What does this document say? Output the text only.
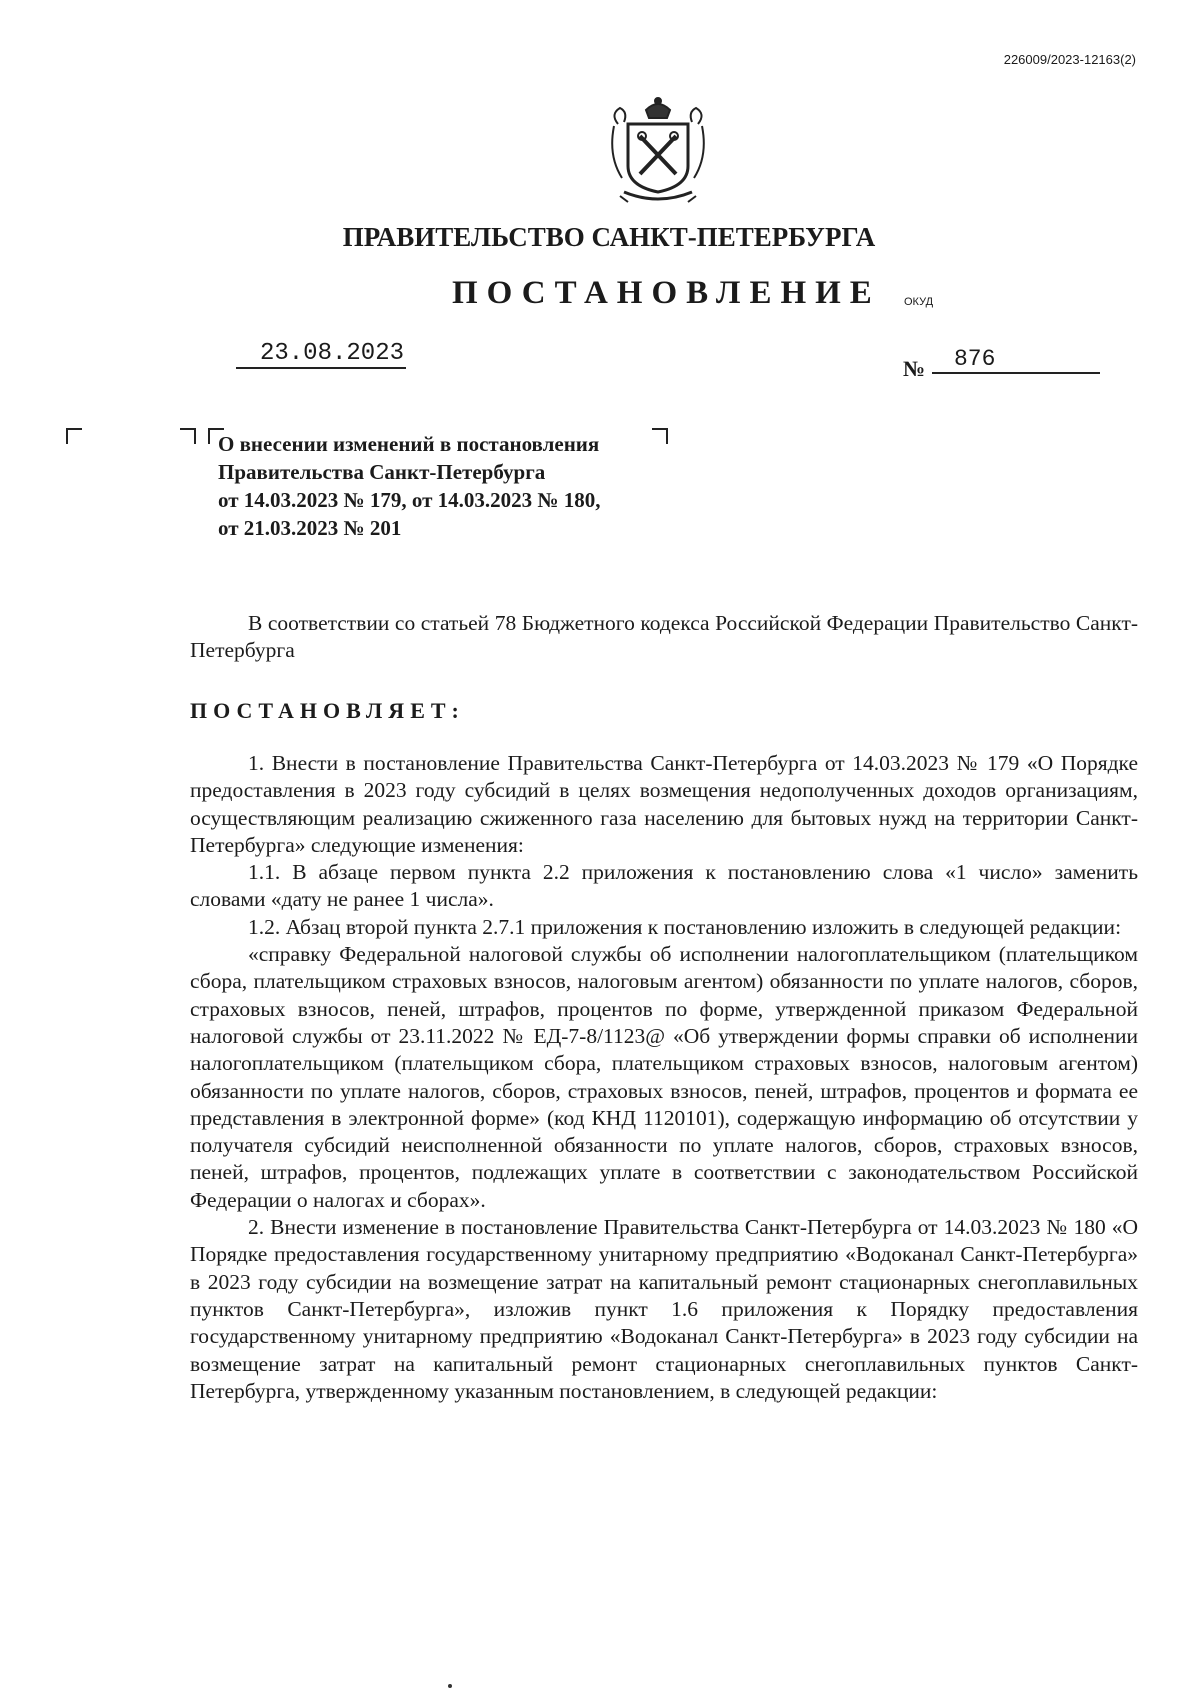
226009/2023-12163(2)
ПРАВИТЕЛЬСТВО САНКТ-ПЕТЕРБУРГА
ПОСТАНОВЛЕНИЕ ОКУД
23.08.2023
№	876
О внесении изменений в постановления
Правительства Санкт-Петербурга
от 14.03.2023 № 179, от 14.03.2023 № 180,
от 21.03.2023 № 201
В соответствии со статьей 78 Бюджетного кодекса Российской Федерации Правительство Санкт-Петербурга
ПОСТАНОВЛЯЕТ:
1. Внести в постановление Правительства Санкт-Петербурга от 14.03.2023 № 179 «О Порядке предоставления в 2023 году субсидий в целях возмещения недополученных доходов организациям, осуществляющим реализацию сжиженного газа населению для бытовых нужд на территории Санкт-Петербурга» следующие изменения:
1.1. В абзаце первом пункта 2.2 приложения к постановлению слова «1 число» заменить словами «дату не ранее 1 числа».
1.2. Абзац второй пункта 2.7.1 приложения к постановлению изложить в следующей редакции:
«справку Федеральной налоговой службы об исполнении налогоплательщиком (плательщиком сбора, плательщиком страховых взносов, налоговым агентом) обязанности по уплате налогов, сборов, страховых взносов, пеней, штрафов, процентов по форме, утвержденной приказом Федеральной налоговой службы от 23.11.2022 № ЕД-7-8/1123@ «Об утверждении формы справки об исполнении налогоплательщиком (плательщиком сбора, плательщиком страховых взносов, налоговым агентом) обязанности по уплате налогов, сборов, страховых взносов, пеней, штрафов, процентов и формата ее представления в электронной форме» (код КНД 1120101), содержащую информацию об отсутствии у получателя субсидий неисполненной обязанности по уплате налогов, сборов, страховых взносов, пеней, штрафов, процентов, подлежащих уплате в соответствии с законодательством Российской Федерации о налогах и сборах».
2. Внести изменение в постановление Правительства Санкт-Петербурга от 14.03.2023 № 180 «О Порядке предоставления государственному унитарному предприятию «Водоканал Санкт-Петербурга» в 2023 году субсидии на возмещение затрат на капитальный ремонт стационарных снегоплавильных пунктов Санкт-Петербурга», изложив пункт 1.6 приложения к Порядку предоставления государственному унитарному предприятию «Водоканал Санкт-Петербурга» в 2023 году субсидии на возмещение затрат на капитальный ремонт стационарных снегоплавильных пунктов Санкт-Петербурга, утвержденному указанным постановлением, в следующей редакции:
